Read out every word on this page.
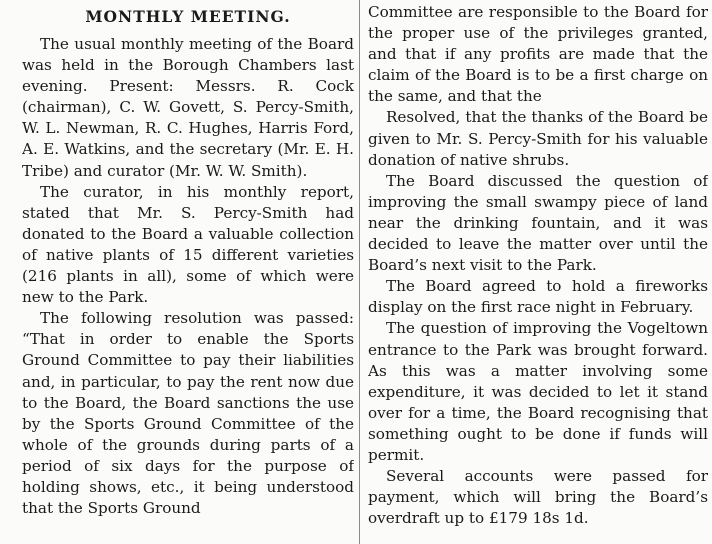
MONTHLY MEETING.

The usual monthly meeting of the Board was held in the Borough Chambers last evening. Present: Messrs. R. Cock (chairman), C. W. Govett, S. Percy-Smith, W. L. Newman, R. C. Hughes, Harris Ford, A. E. Watkins, and the secretary (Mr. E. H. Tribe) and curator (Mr. W. W. Smith).

The curator, in his monthly report, stated that Mr. S. Percy-Smith had donated to the Board a valuable collection of native plants of 15 different varieties (216 plants in all), some of which were new to the Park.

The following resolution was passed: “That in order to enable the Sports Ground Committee to pay their liabilities and, in particular, to pay the rent now due to the Board, the Board sanctions the use by the Sports Ground Committee of the whole of the grounds during parts of a period of six days for the purpose of holding shows, etc., it being understood that the Sports Ground

Committee are responsible to the Board for the proper use of the privileges granted, and that if any profits are made that the claim of the Board is to be a first charge on the same, and that the

Resolved, that the thanks of the Board be given to Mr. S. Percy-Smith for his valuable donation of native shrubs.

The Board discussed the question of improving the small swampy piece of land near the drinking fountain, and it was decided to leave the matter over until the Board’s next visit to the Park.

The Board agreed to hold a fireworks display on the first race night in February.

The question of improving the Vogeltown entrance to the Park was brought forward. As this was a matter involving some expenditure, it was decided to let it stand over for a time, the Board recognising that something ought to be done if funds will permit.

Several accounts were passed for payment, which will bring the Board’s overdraft up to £179 18s 1d.
